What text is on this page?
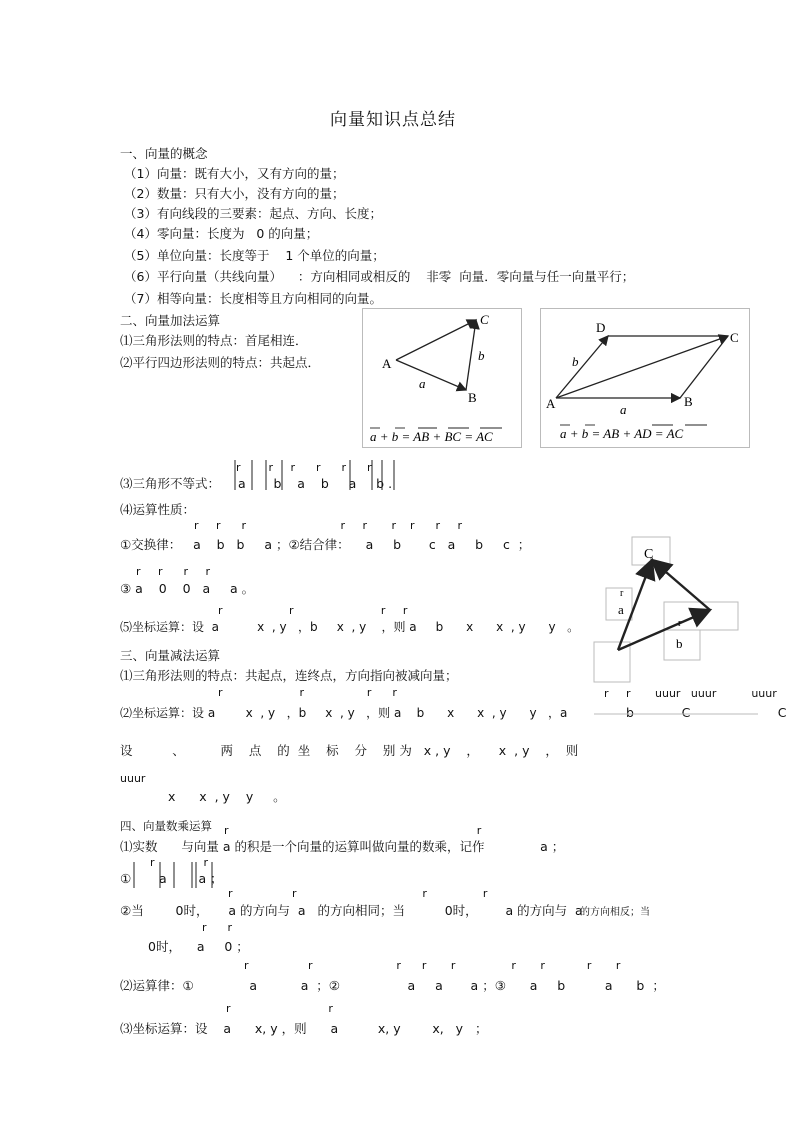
向量知识点总结
一、向量的概念
（1）向量：既有大小，又有方向的量；
（2）数量：只有大小，没有方向的量；
（3）有向线段的三要素：起点、方向、长度；
（4）零向量：长度为   0 的向量；
（5）单位向量：长度等于    1 个单位的向量；
（6）平行向量（共线向量）    ：方向相同或相反的    非零  向量．零向量与任一向量平行；
（7）相等向量：长度相等且方向相同的向量。
二、向量加法运算
⑴三角形法则的特点：首尾相连．
⑵平行四边形法则的特点：共起点．	A
B
C
a
b
a + b = AB + BC = AC
A	B
C
D
a
b
a + b = AB + AD = AC
r        r     r      r      r      r
⑶三角形不等式： a       b    a    b     a     b .
⑷运算性质：
r     r      r                           r     r       r    r      r     r
①交换律：   a    b   b     a ；②结合律：    a     b       c   a     b     c  ；
r     r      r     r
③ a    0    0   a     a 。
r                   r                         r     r
⑸坐标运算：设  a          x  , y   ，b     x  , y    ，则 a     b      x      x  , y      y   。
三、向量减法运算
⑴三角形法则的特点：共起点，连终点，方向指向被减向量；
r                      r                  r      r
⑵坐标运算：设 a        x  , y   ，b     x  , y   ，则 a    b      x      x  , y      y   ，a
r     r       uuur   uuur          uuur
b            C                      C
C
a
b
r
r
设          、         两    点    的  坐    标    分    别 为   x , y    ，     x  , y    ，  则
uuur
x      x  , y    y     。
四、向量数乘运算 r                                                                       r
⑴实数      与向量 a 的积是一个向量的运算叫做向量的数乘，记作              a ；
r              r
①       a        a ；
r                 r                                    r                r
②当        0时，     a 的方向与  a   的方向相同；当          0时，       a 的方向与  a
的方向相反；当
r      r
0时，    a     0 ；
r                 r                        r      r       r                r       r            r       r
⑵运算律：①              a           a  ；②                 a     a       a ；③      a     b          a      b  ；
r                            r
⑶坐标运算：设    a      x, y ，则      a          x, y        x,   y   ；
